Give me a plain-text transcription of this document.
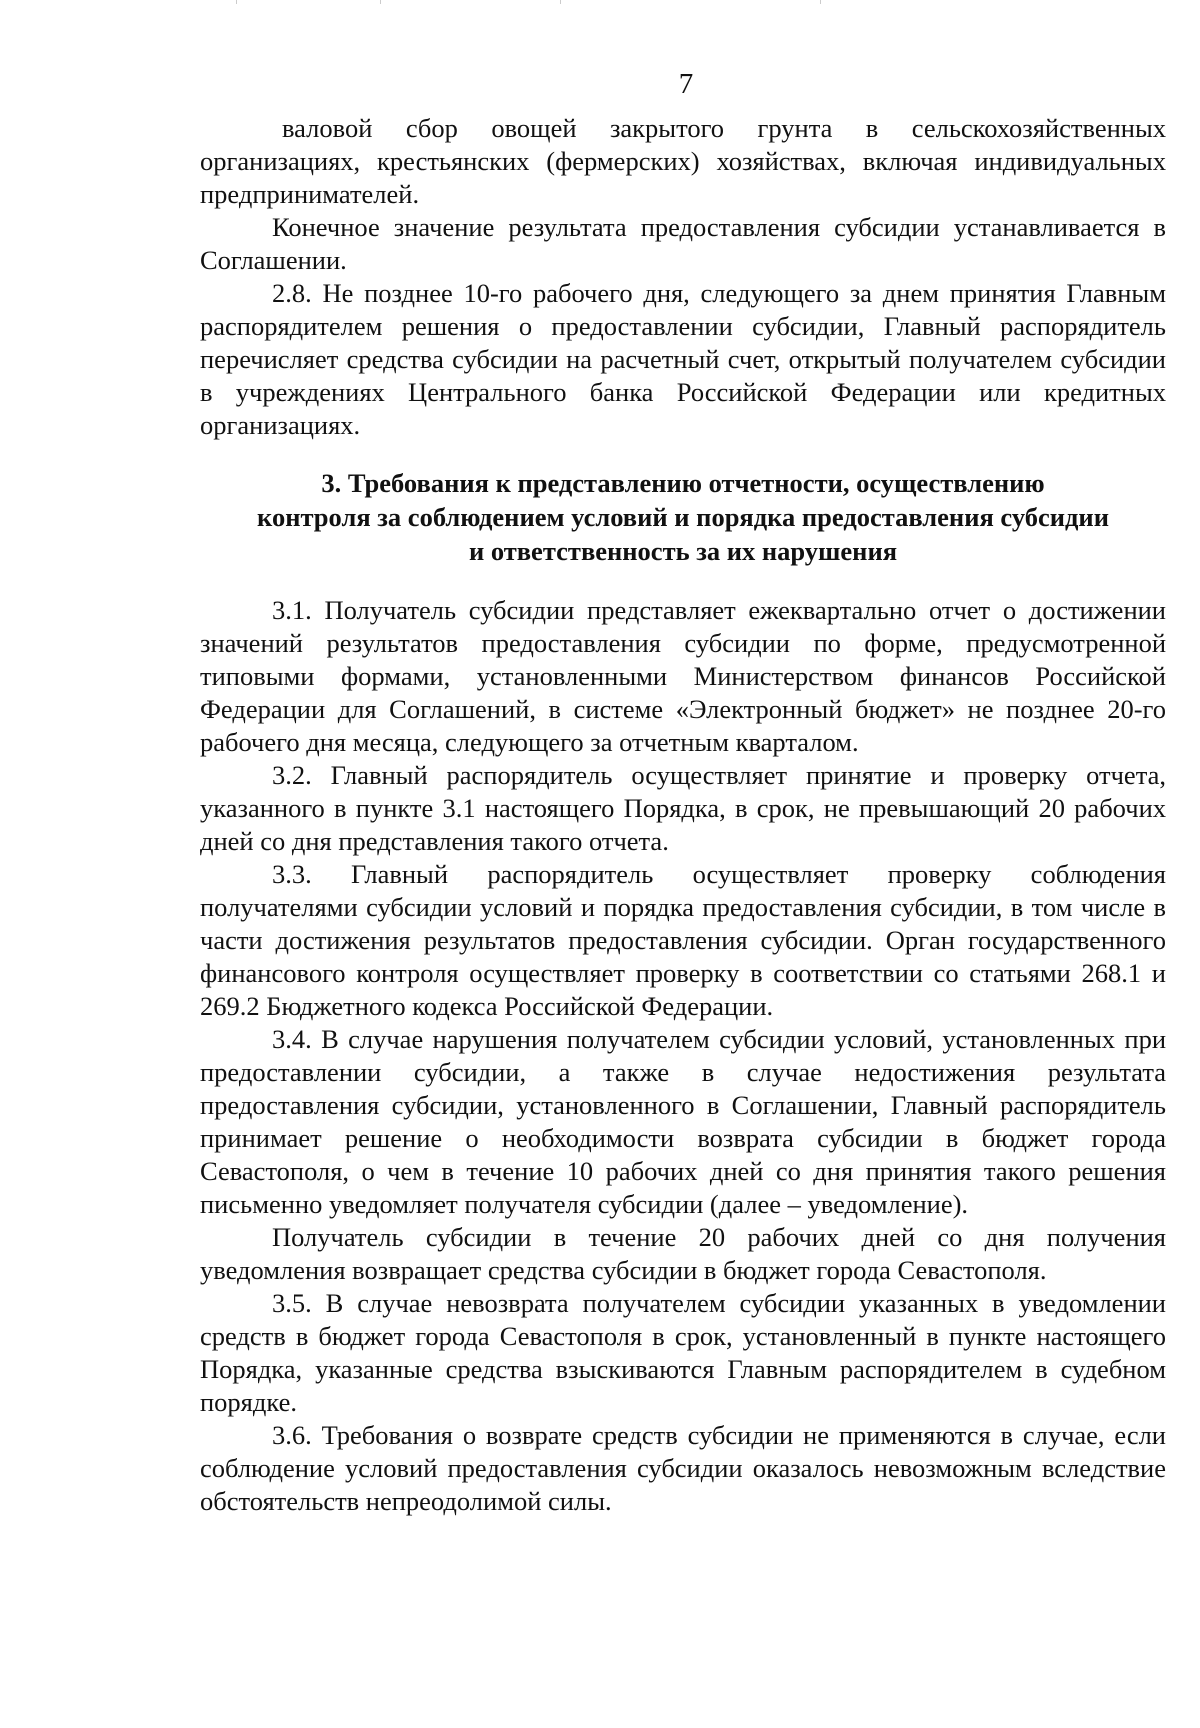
7

валовой сбор овощей закрытого грунта в сельскохозяйственных организациях, крестьянских (фермерских) хозяйствах, включая индивидуальных предпринимателей.

Конечное значение результата предоставления субсидии устанавливается в Соглашении.

2.8. Не позднее 10-го рабочего дня, следующего за днем принятия Главным распорядителем решения о предоставлении субсидии, Главный распорядитель перечисляет средства субсидии на расчетный счет, открытый получателем субсидии в учреждениях Центрального банка Российской Федерации или кредитных организациях.

3. Требования к представлению отчетности, осуществлению
контроля за соблюдением условий и порядка предоставления субсидии
и ответственность за их нарушения

3.1. Получатель субсидии представляет ежеквартально отчет о достижении значений результатов предоставления субсидии по форме, предусмотренной типовыми формами, установленными Министерством финансов Российской Федерации для Соглашений, в системе «Электронный бюджет» не позднее 20-го рабочего дня месяца, следующего за отчетным кварталом.

3.2. Главный распорядитель осуществляет принятие и проверку отчета, указанного в пункте 3.1 настоящего Порядка, в срок, не превышающий 20 рабочих дней со дня представления такого отчета.

3.3. Главный распорядитель осуществляет проверку соблюдения получателями субсидии условий и порядка предоставления субсидии, в том числе в части достижения результатов предоставления субсидии. Орган государственного финансового контроля осуществляет проверку в соответствии со статьями 268.1 и 269.2 Бюджетного кодекса Российской Федерации.

3.4. В случае нарушения получателем субсидии условий, установленных при предоставлении субсидии, а также в случае недостижения результата предоставления субсидии, установленного в Соглашении, Главный распорядитель принимает решение о необходимости возврата субсидии в бюджет города Севастополя, о чем в течение 10 рабочих дней со дня принятия такого решения письменно уведомляет получателя субсидии (далее – уведомление).

Получатель субсидии в течение 20 рабочих дней со дня получения уведомления возвращает средства субсидии в бюджет города Севастополя.

3.5. В случае невозврата получателем субсидии указанных в уведомлении средств в бюджет города Севастополя в срок, установленный в пункте настоящего Порядка, указанные средства взыскиваются Главным распорядителем в судебном порядке.

3.6. Требования о возврате средств субсидии не применяются в случае, если соблюдение условий предоставления субсидии оказалось невозможным вследствие обстоятельств непреодолимой силы.
